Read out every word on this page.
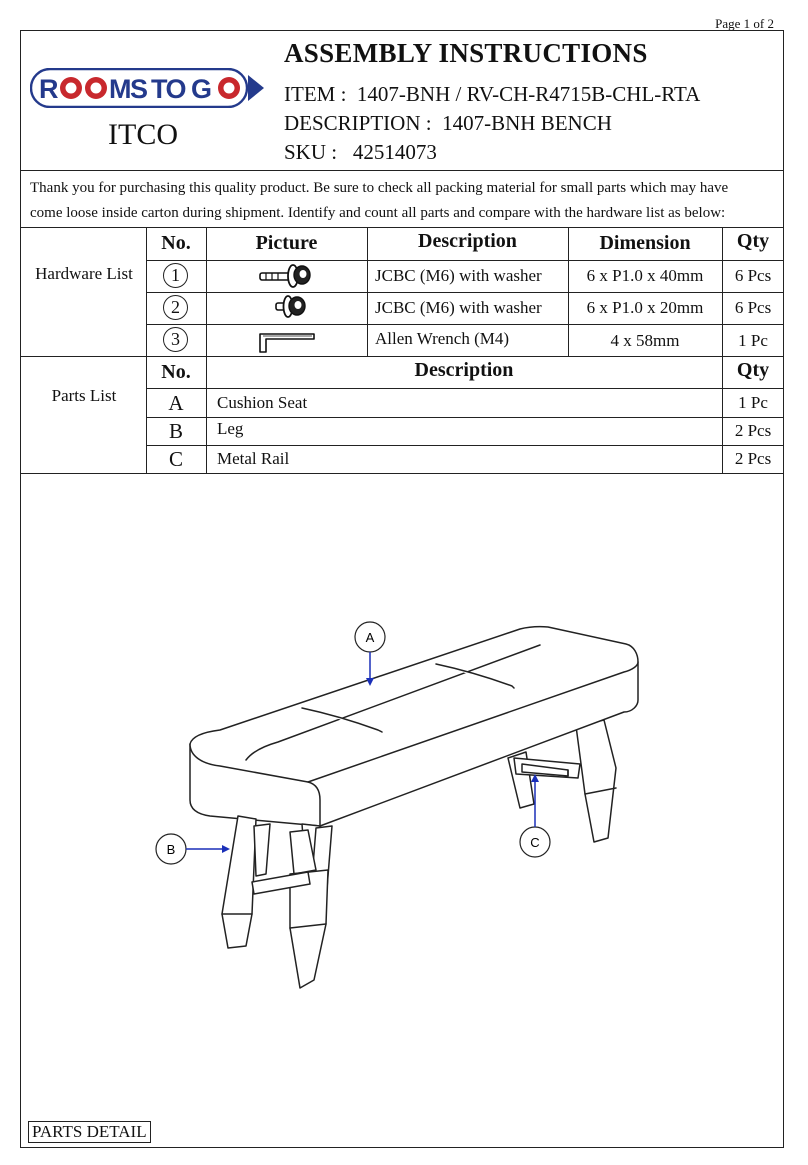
Page 1 of 2
R MS TO G
ITCO
ASSEMBLY INSTRUCTIONS
ITEM : 1407-BNH / RV-CH-R4715B-CHL-RTA
DESCRIPTION : 1407-BNH BENCH
SKU : 42514073
Thank you for purchasing this quality product. Be sure to check all packing material for small parts which may have
come loose inside carton during shipment. Identify and count all parts and compare with the hardware list as below:
Hardware List
No.	Picture	Description	Dimension	Qty
1	JCBC (M6) with washer	6 x P1.0 x 40mm	6 Pcs
2	JCBC (M6) with washer	6 x P1.0 x 20mm	6 Pcs
3	Allen Wrench (M4)	4 x 58mm	1 Pc
Parts List
No.	Description	Qty
A	Cushion Seat	1 Pc
B	Leg	2 Pcs
C	Metal Rail	2 Pcs
A
B	C
PARTS DETAIL
